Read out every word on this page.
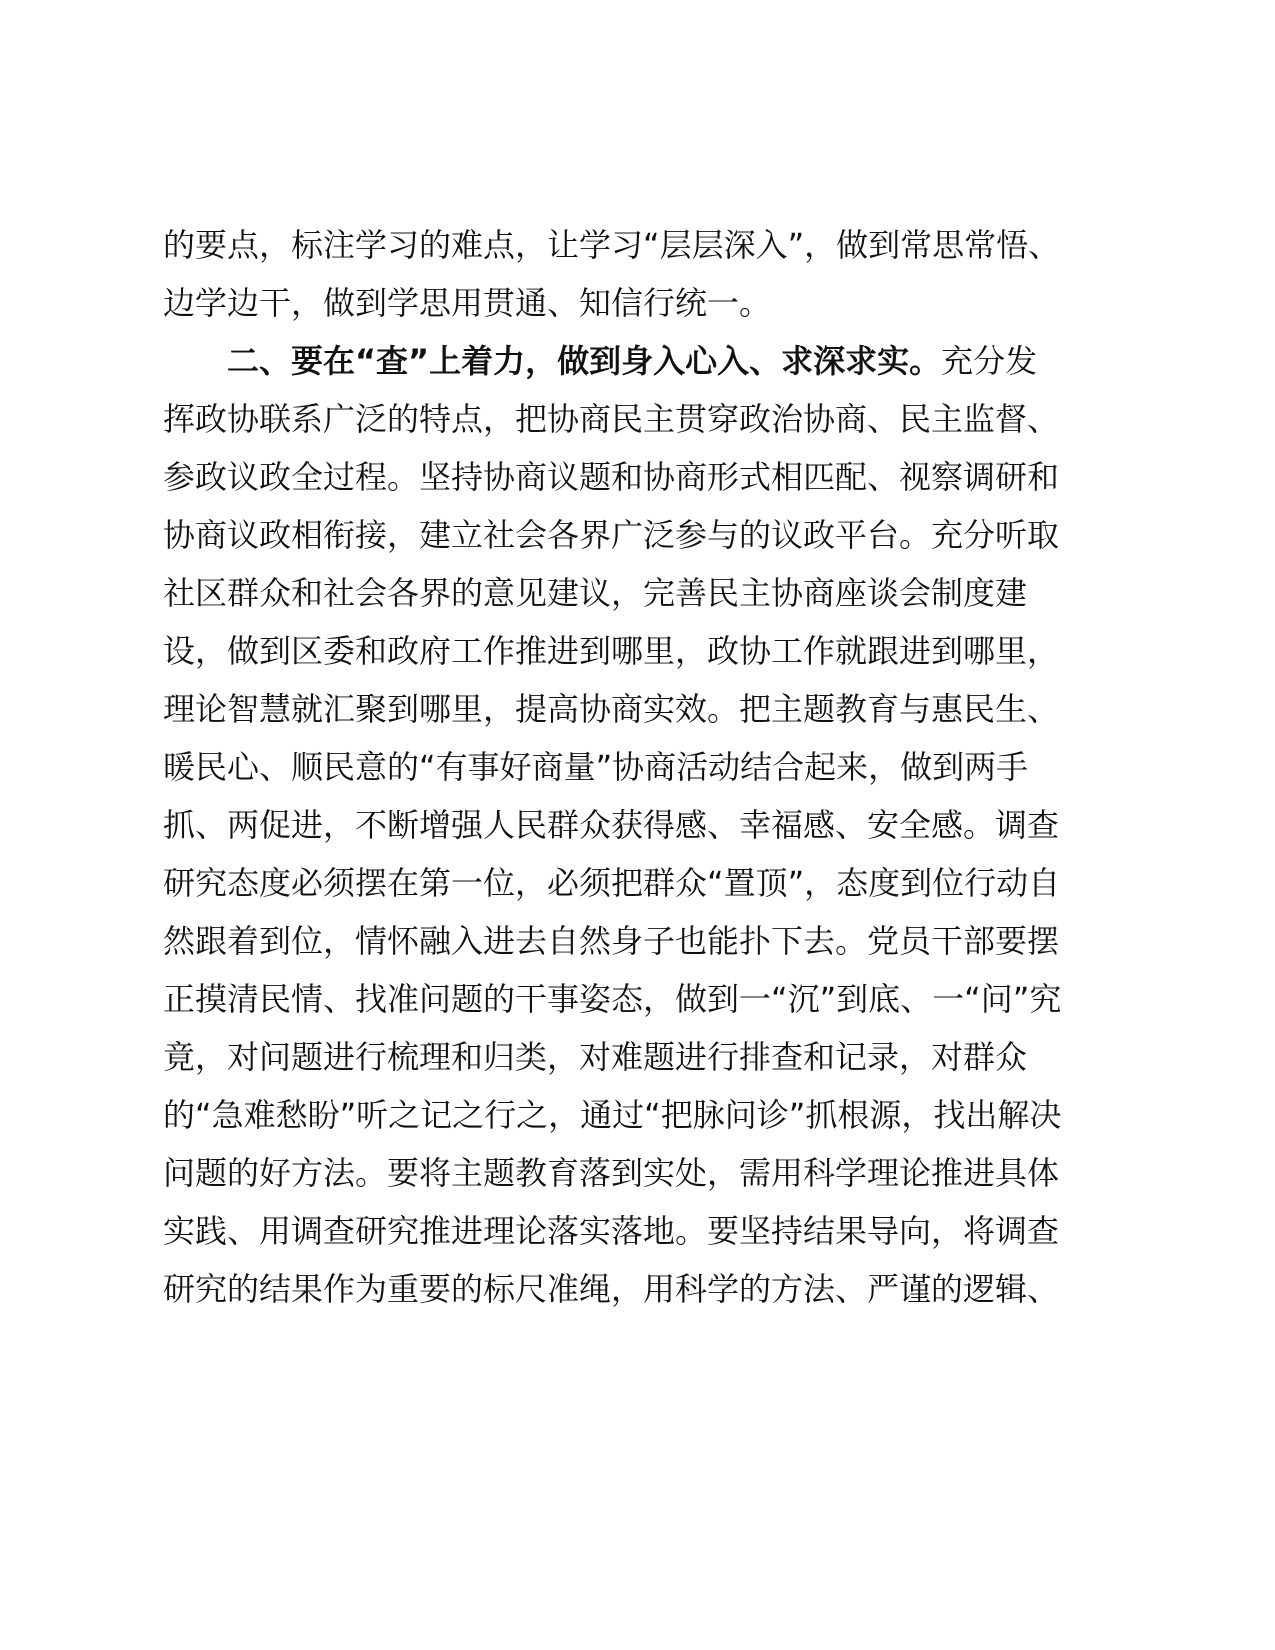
的要点，标注学习的难点，让学习“层层深入”，做到常思常悟、
边学边干，做到学思用贯通、知信行统一。
二、要在“查”上着力，做到身入心入、求深求实。充分发
挥政协联系广泛的特点，把协商民主贯穿政治协商、民主监督、
参政议政全过程。坚持协商议题和协商形式相匹配、视察调研和
协商议政相衔接，建立社会各界广泛参与的议政平台。充分听取
社区群众和社会各界的意见建议，完善民主协商座谈会制度建
设，做到区委和政府工作推进到哪里，政协工作就跟进到哪里，
理论智慧就汇聚到哪里，提高协商实效。把主题教育与惠民生、
暖民心、顺民意的“有事好商量”协商活动结合起来，做到两手
抓、两促进，不断增强人民群众获得感、幸福感、安全感。调查
研究态度必须摆在第一位，必须把群众“置顶”，态度到位行动自
然跟着到位，情怀融入进去自然身子也能扑下去。党员干部要摆
正摸清民情、找准问题的干事姿态，做到一“沉”到底、一“问”究
竟，对问题进行梳理和归类，对难题进行排查和记录，对群众
的“急难愁盼”听之记之行之，通过“把脉问诊”抓根源，找出解决
问题的好方法。要将主题教育落到实处，需用科学理论推进具体
实践、用调查研究推进理论落实落地。要坚持结果导向，将调查
研究的结果作为重要的标尺准绳，用科学的方法、严谨的逻辑、
